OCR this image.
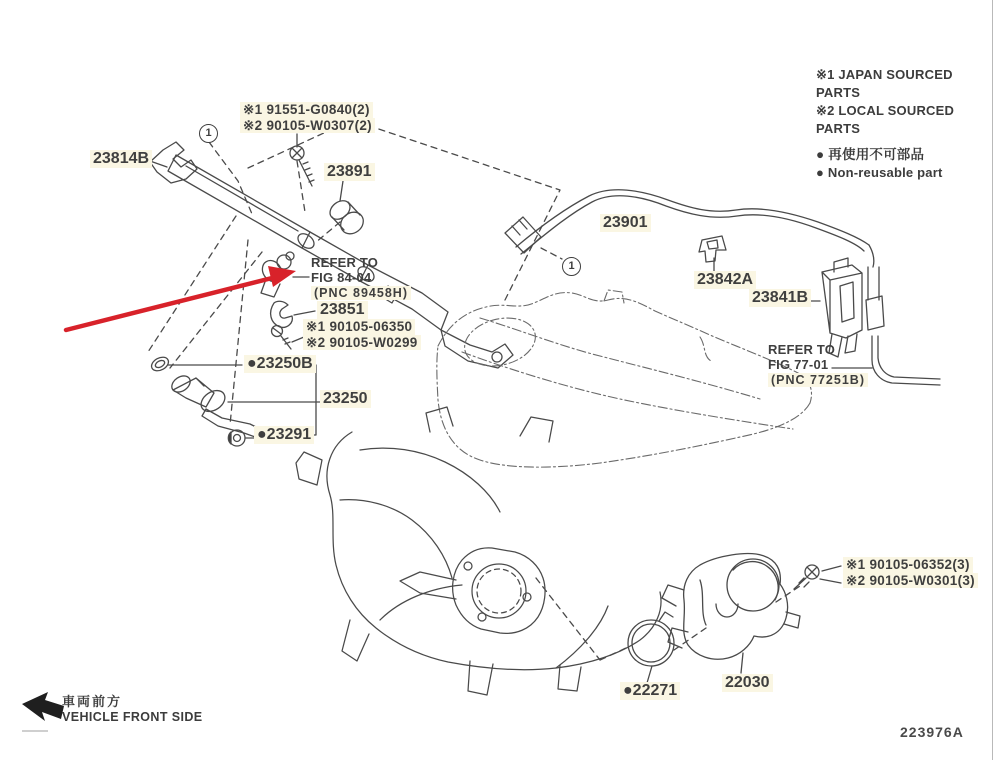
23814B
※1 91551-G0840(2)
※2 90105-W0307(2)
1
23891
REFER TO
FIG 84-04
(PNC 89458H)
23851
※1 90105-06350
※2 90105-W0299
●23250B
23250
●23291
23901
1
23842A
23841B
REFER TO
FIG 77-01
(PNC 77251B)
※1 90105-06352(3)
※2 90105-W0301(3)
22030
●22271
※1 JAPAN SOURCED PARTS
※2 LOCAL SOURCED PARTS
● 再使用不可部品
● Non-reusable part
車両前方
VEHICLE FRONT SIDE
223976A
